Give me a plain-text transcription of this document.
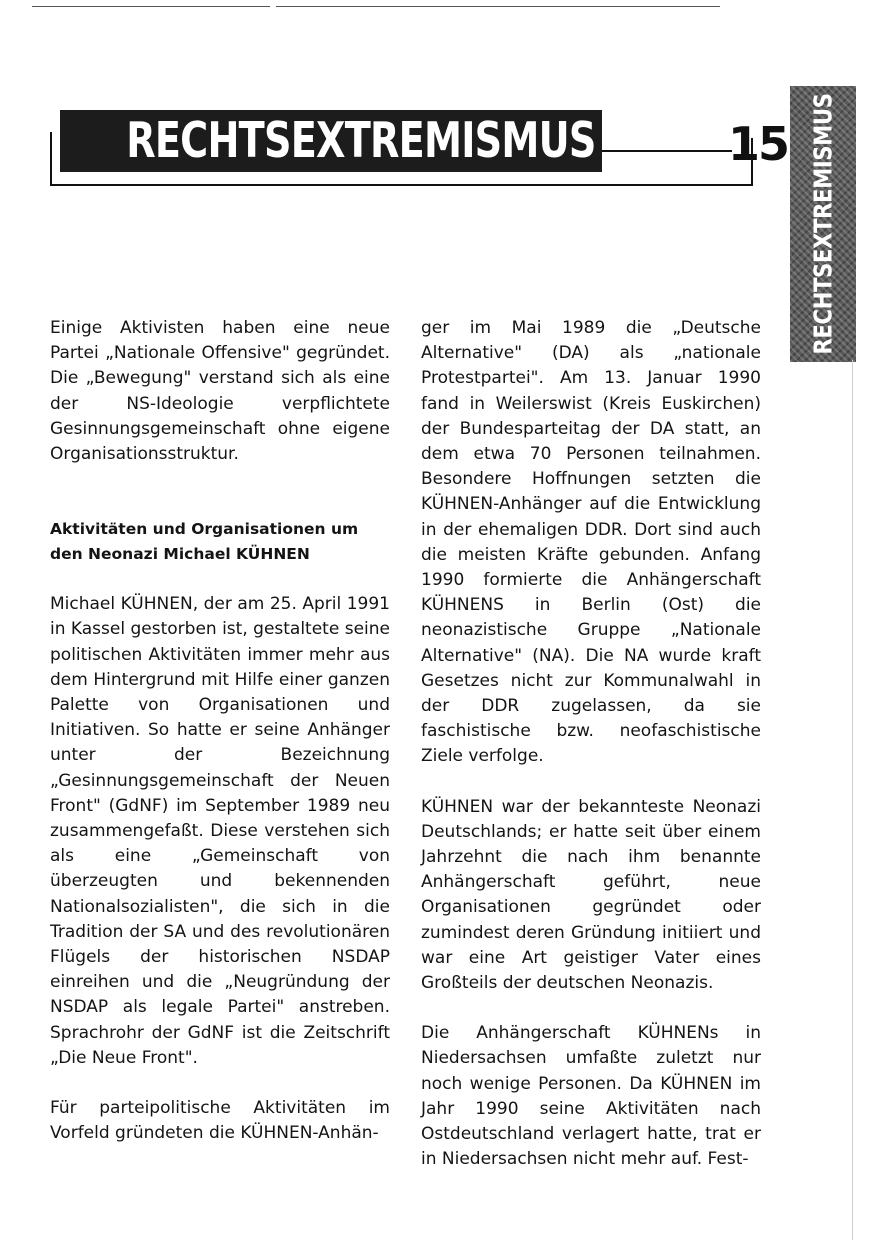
RECHTSEXTREMISMUS	15 RECHTSEXTREMISMUS

Einige Aktivisten haben eine neue Partei „Nationale Offensive" gegründet. Die „Bewegung" verstand sich als eine der NS-Ideologie verpflichtete Gesinnungsgemeinschaft ohne eigene Organisationsstruktur.

Aktivitäten und Organisationen um den Neonazi Michael KÜHNEN

Michael KÜHNEN, der am 25. April 1991 in Kassel gestorben ist, gestaltete seine politischen Aktivitäten immer mehr aus dem Hintergrund mit Hilfe einer ganzen Palette von Organisationen und Initiativen. So hatte er seine Anhänger unter der Bezeichnung „Gesinnungsgemeinschaft der Neuen Front" (GdNF) im September 1989 neu zusammengefaßt. Diese verstehen sich als eine „Gemeinschaft von überzeugten und bekennenden Nationalsozialisten", die sich in die Tradition der SA und des revolutionären Flügels der historischen NSDAP einreihen und die „Neugründung der NSDAP als legale Partei" anstreben. Sprachrohr der GdNF ist die Zeitschrift „Die Neue Front".

Für parteipolitische Aktivitäten im Vorfeld gründeten die KÜHNEN-Anhän-

ger im Mai 1989 die „Deutsche Alternative" (DA) als „nationale Protestpartei". Am 13. Januar 1990 fand in Weilerswist (Kreis Euskirchen) der Bundesparteitag der DA statt, an dem etwa 70 Personen teilnahmen. Besondere Hoffnungen setzten die KÜHNEN-Anhänger auf die Entwicklung in der ehemaligen DDR. Dort sind auch die meisten Kräfte gebunden. Anfang 1990 formierte die Anhängerschaft KÜHNENS in Berlin (Ost) die neonazistische Gruppe „Nationale Alternative" (NA). Die NA wurde kraft Gesetzes nicht zur Kommunalwahl in der DDR zugelassen, da sie faschistische bzw. neofaschistische Ziele verfolge.

KÜHNEN war der bekannteste Neonazi Deutschlands; er hatte seit über einem Jahrzehnt die nach ihm benannte Anhängerschaft geführt, neue Organisationen gegründet oder zumindest deren Gründung initiiert und war eine Art geistiger Vater eines Großteils der deutschen Neonazis.

Die Anhängerschaft KÜHNENs in Niedersachsen umfaßte zuletzt nur noch wenige Personen. Da KÜHNEN im Jahr 1990 seine Aktivitäten nach Ostdeutschland verlagert hatte, trat er in Niedersachsen nicht mehr auf. Fest-
